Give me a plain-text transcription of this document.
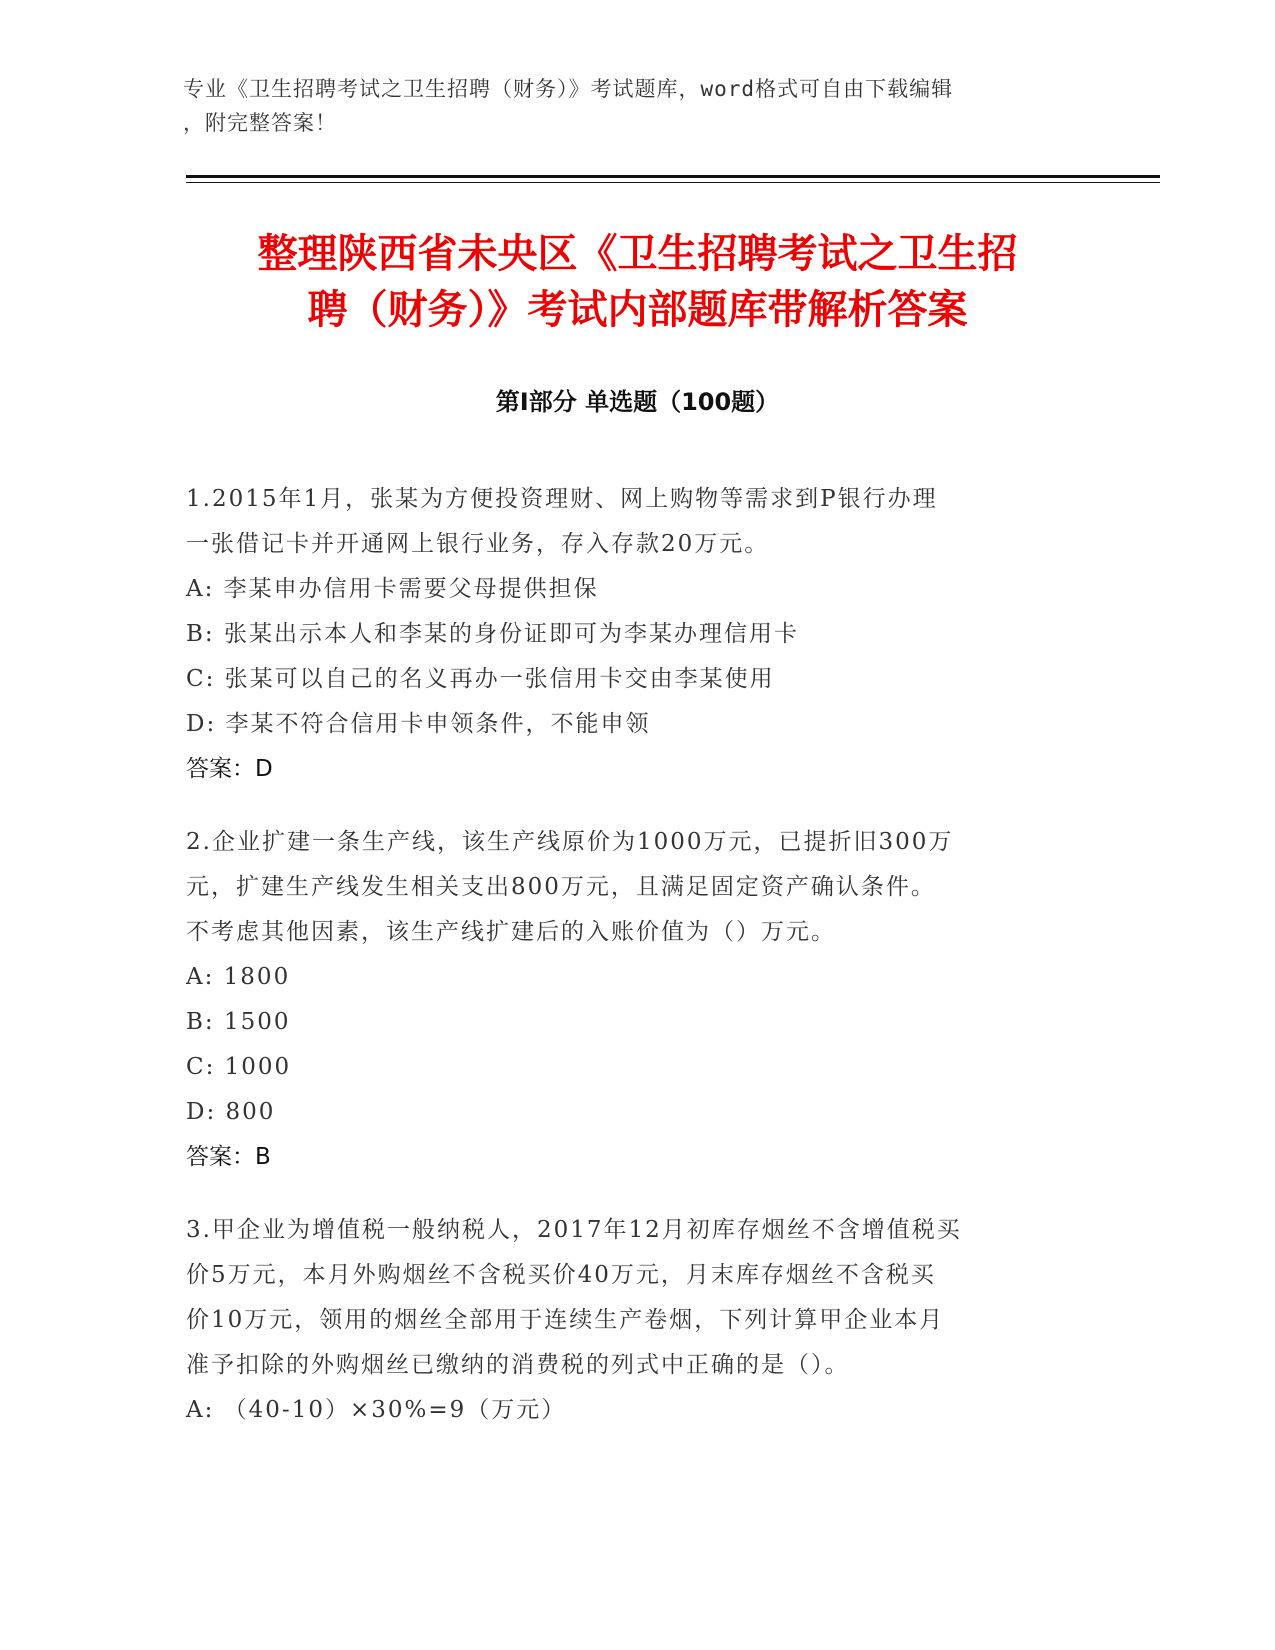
专业《卫生招聘考试之卫生招聘（财务）》考试题库，word格式可自由下载编辑
，附完整答案！
整理陕西省未央区《卫生招聘考试之卫生招
聘（财务）》考试内部题库带解析答案
第Ⅰ部分 单选题（100题）
1.2015年1月，张某为方便投资理财、网上购物等需求到P银行办理
一张借记卡并开通网上银行业务，存入存款20万元。
A: 李某申办信用卡需要父母提供担保
B: 张某出示本人和李某的身份证即可为李某办理信用卡
C: 张某可以自己的名义再办一张信用卡交由李某使用
D: 李某不符合信用卡申领条件，不能申领
答案：D
2.企业扩建一条生产线，该生产线原价为1000万元，已提折旧300万
元，扩建生产线发生相关支出800万元，且满足固定资产确认条件。
不考虑其他因素，该生产线扩建后的入账价值为（）万元。
A: 1800
B: 1500
C: 1000
D: 800
答案：B
3.甲企业为增值税一般纳税人，2017年12月初库存烟丝不含增值税买
价5万元，本月外购烟丝不含税买价40万元，月末库存烟丝不含税买
价10万元，领用的烟丝全部用于连续生产卷烟，下列计算甲企业本月
准予扣除的外购烟丝已缴纳的消费税的列式中正确的是（）。
A: （40-10）×30%=9（万元）
